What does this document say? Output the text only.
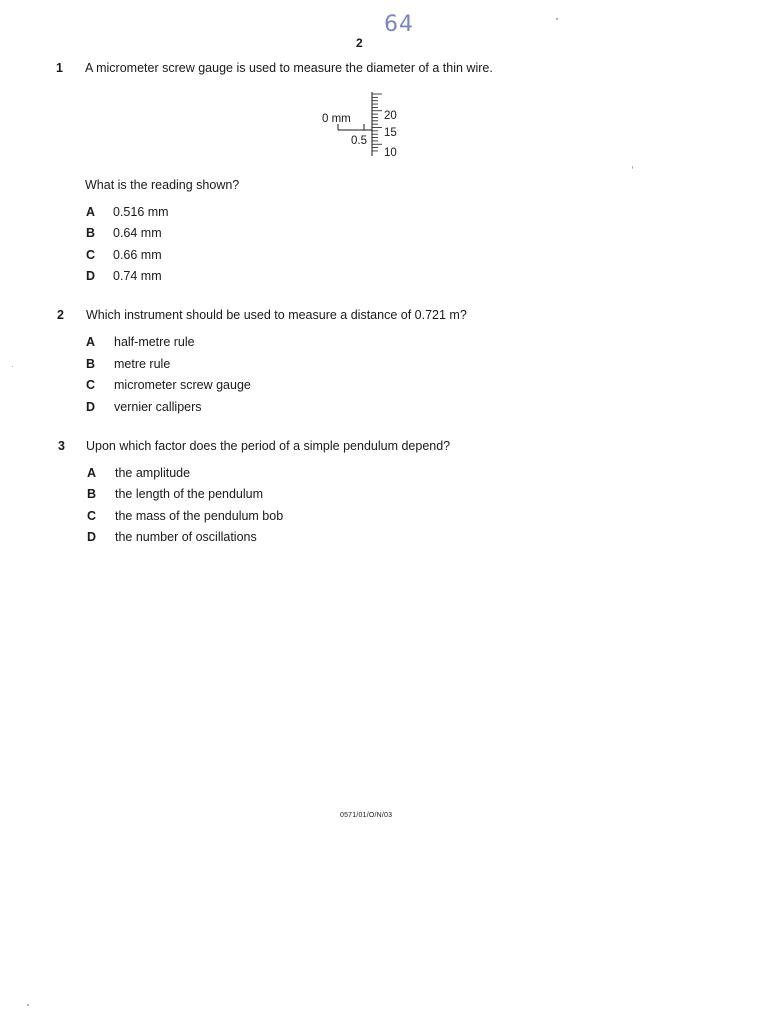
64
2
1 A micrometer screw gauge is used to measure the diameter of a thin wire.
0 mm
0.5
20
15
10
What is the reading shown?
A 0.516 mm
B 0.64 mm
C 0.66 mm
D 0.74 mm
2 Which instrument should be used to measure a distance of 0.721 m?
A half-metre rule
B metre rule
C micrometer screw gauge
D vernier callipers
3 Upon which factor does the period of a simple pendulum depend?
A the amplitude
B the length of the pendulum
C the mass of the pendulum bob
D the number of oscillations
0571/01/O/N/03
